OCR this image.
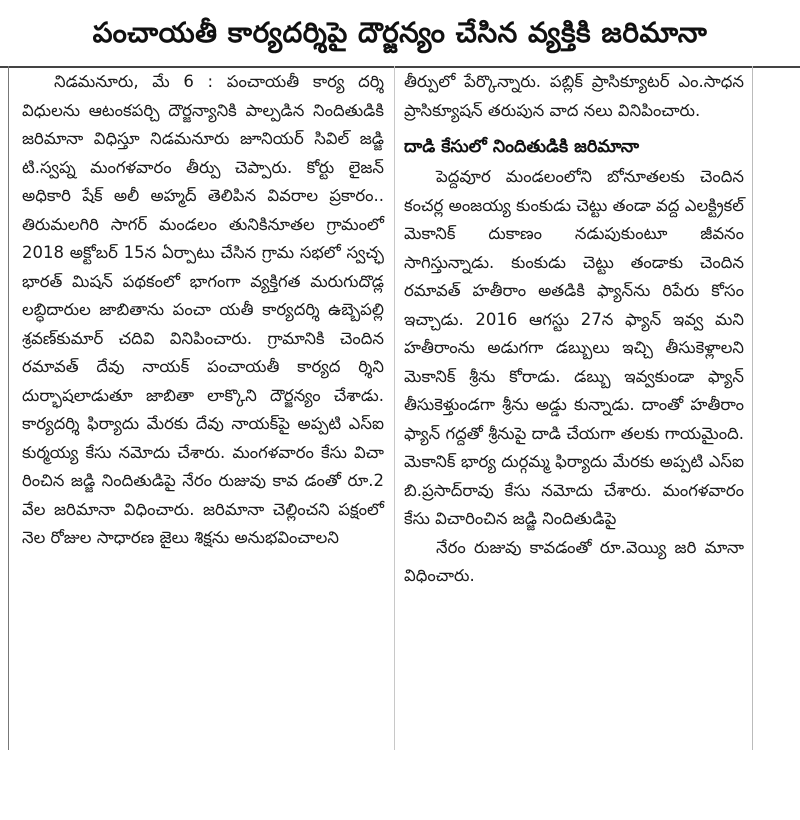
పంచాయతీ కార్యదర్శిపై దౌర్జన్యం చేసిన వ్యక్తికి జరిమానా

నిడమనూరు, మే 6 : పంచాయతీ కార్య దర్శి విధులను ఆటంకపర్చి దౌర్జన్యానికి పాల్పడిన నిందితుడికి జరిమానా విధిస్తూ నిడమనూరు జూనియర్ సివిల్ జడ్జి టి.స్వప్న మంగళవారం తీర్పు చెప్పారు. కోర్టు లైజన్ అధికారి షేక్ అలీ అహ్మద్ తెలిపిన వివరాల ప్రకారం.. తిరుమలగిరి సాగర్ మండలం తునికినూతల గ్రామంలో 2018 అక్టోబర్ 15న ఏర్పాటు చేసిన గ్రామ సభలో స్వచ్ఛ భారత్ మిషన్ పథకంలో భాగంగా వ్యక్తిగత మరుగుదొడ్ల లబ్ధిదారుల జాబితాను పంచా యతీ కార్యదర్శి ఉబ్బెపల్లి శ్రవణ్‌కుమార్ చదివి వినిపించారు. గ్రామానికి చెందిన రమావత్ దేవు నాయక్ పంచాయతీ కార్యద ర్శిని దుర్భాషలాడుతూ జాబితా లాక్కొని దౌర్జన్యం చేశాడు. కార్యదర్శి ఫిర్యాదు మేరకు దేవు నాయక్‌పై అప్పటి ఎస్ఐ కుర్మయ్య కేసు నమోదు చేశారు. మంగళవారం కేసు విచా రించిన జడ్జి నిందితుడిపై నేరం రుజువు కావ డంతో రూ.2 వేల జరిమానా విధించారు. జరిమానా చెల్లించని పక్షంలో నెల రోజుల సాధారణ జైలు శిక్షను అనుభవించాలని

తీర్పులో పేర్కొన్నారు. పబ్లిక్ ప్రాసిక్యూటర్ ఎం.సాధన ప్రాసిక్యూషన్ తరుపున వాద నలు వినిపించారు.

దాడి కేసులో నిందితుడికి జరిమానా

పెద్దవూర మండలంలోని బోనూతలకు చెందిన కంచర్ల అంజయ్య కుంకుడు చెట్టు తండా వద్ద ఎలక్ట్రికల్ మెకానిక్ దుకాణం నడుపుకుంటూ జీవనం సాగిస్తున్నాడు. కుంకుడు చెట్టు తండాకు చెందిన రమావత్ హతీరాం అతడికి ఫ్యాన్‌ను రిపేరు కోసం ఇచ్చాడు. 2016 ఆగస్టు 27న ఫ్యాన్ ఇవ్వ మని హతీరాంను అడుగగా డబ్బులు ఇచ్చి తీసుకెళ్లాలని మెకానిక్ శ్రీను కోరాడు. డబ్బు ఇవ్వకుండా ఫ్యాన్ తీసుకెళ్తుండగా శ్రీను అడ్డు కున్నాడు. దాంతో హతీరాం ఫ్యాన్ గద్దతో శ్రీనుపై దాడి చేయగా తలకు గాయమైంది. మెకానిక్ భార్య దుర్గమ్మ ఫిర్యాదు మేరకు అప్పటి ఎస్ఐ బి.ప్రసాద్‌రావు కేసు నమోదు చేశారు. మంగళవారం కేసు విచారించిన జడ్జి నిందితుడిపై

నేరం రుజువు కావడంతో రూ.వెయ్యి జరి మానా విధించారు.
